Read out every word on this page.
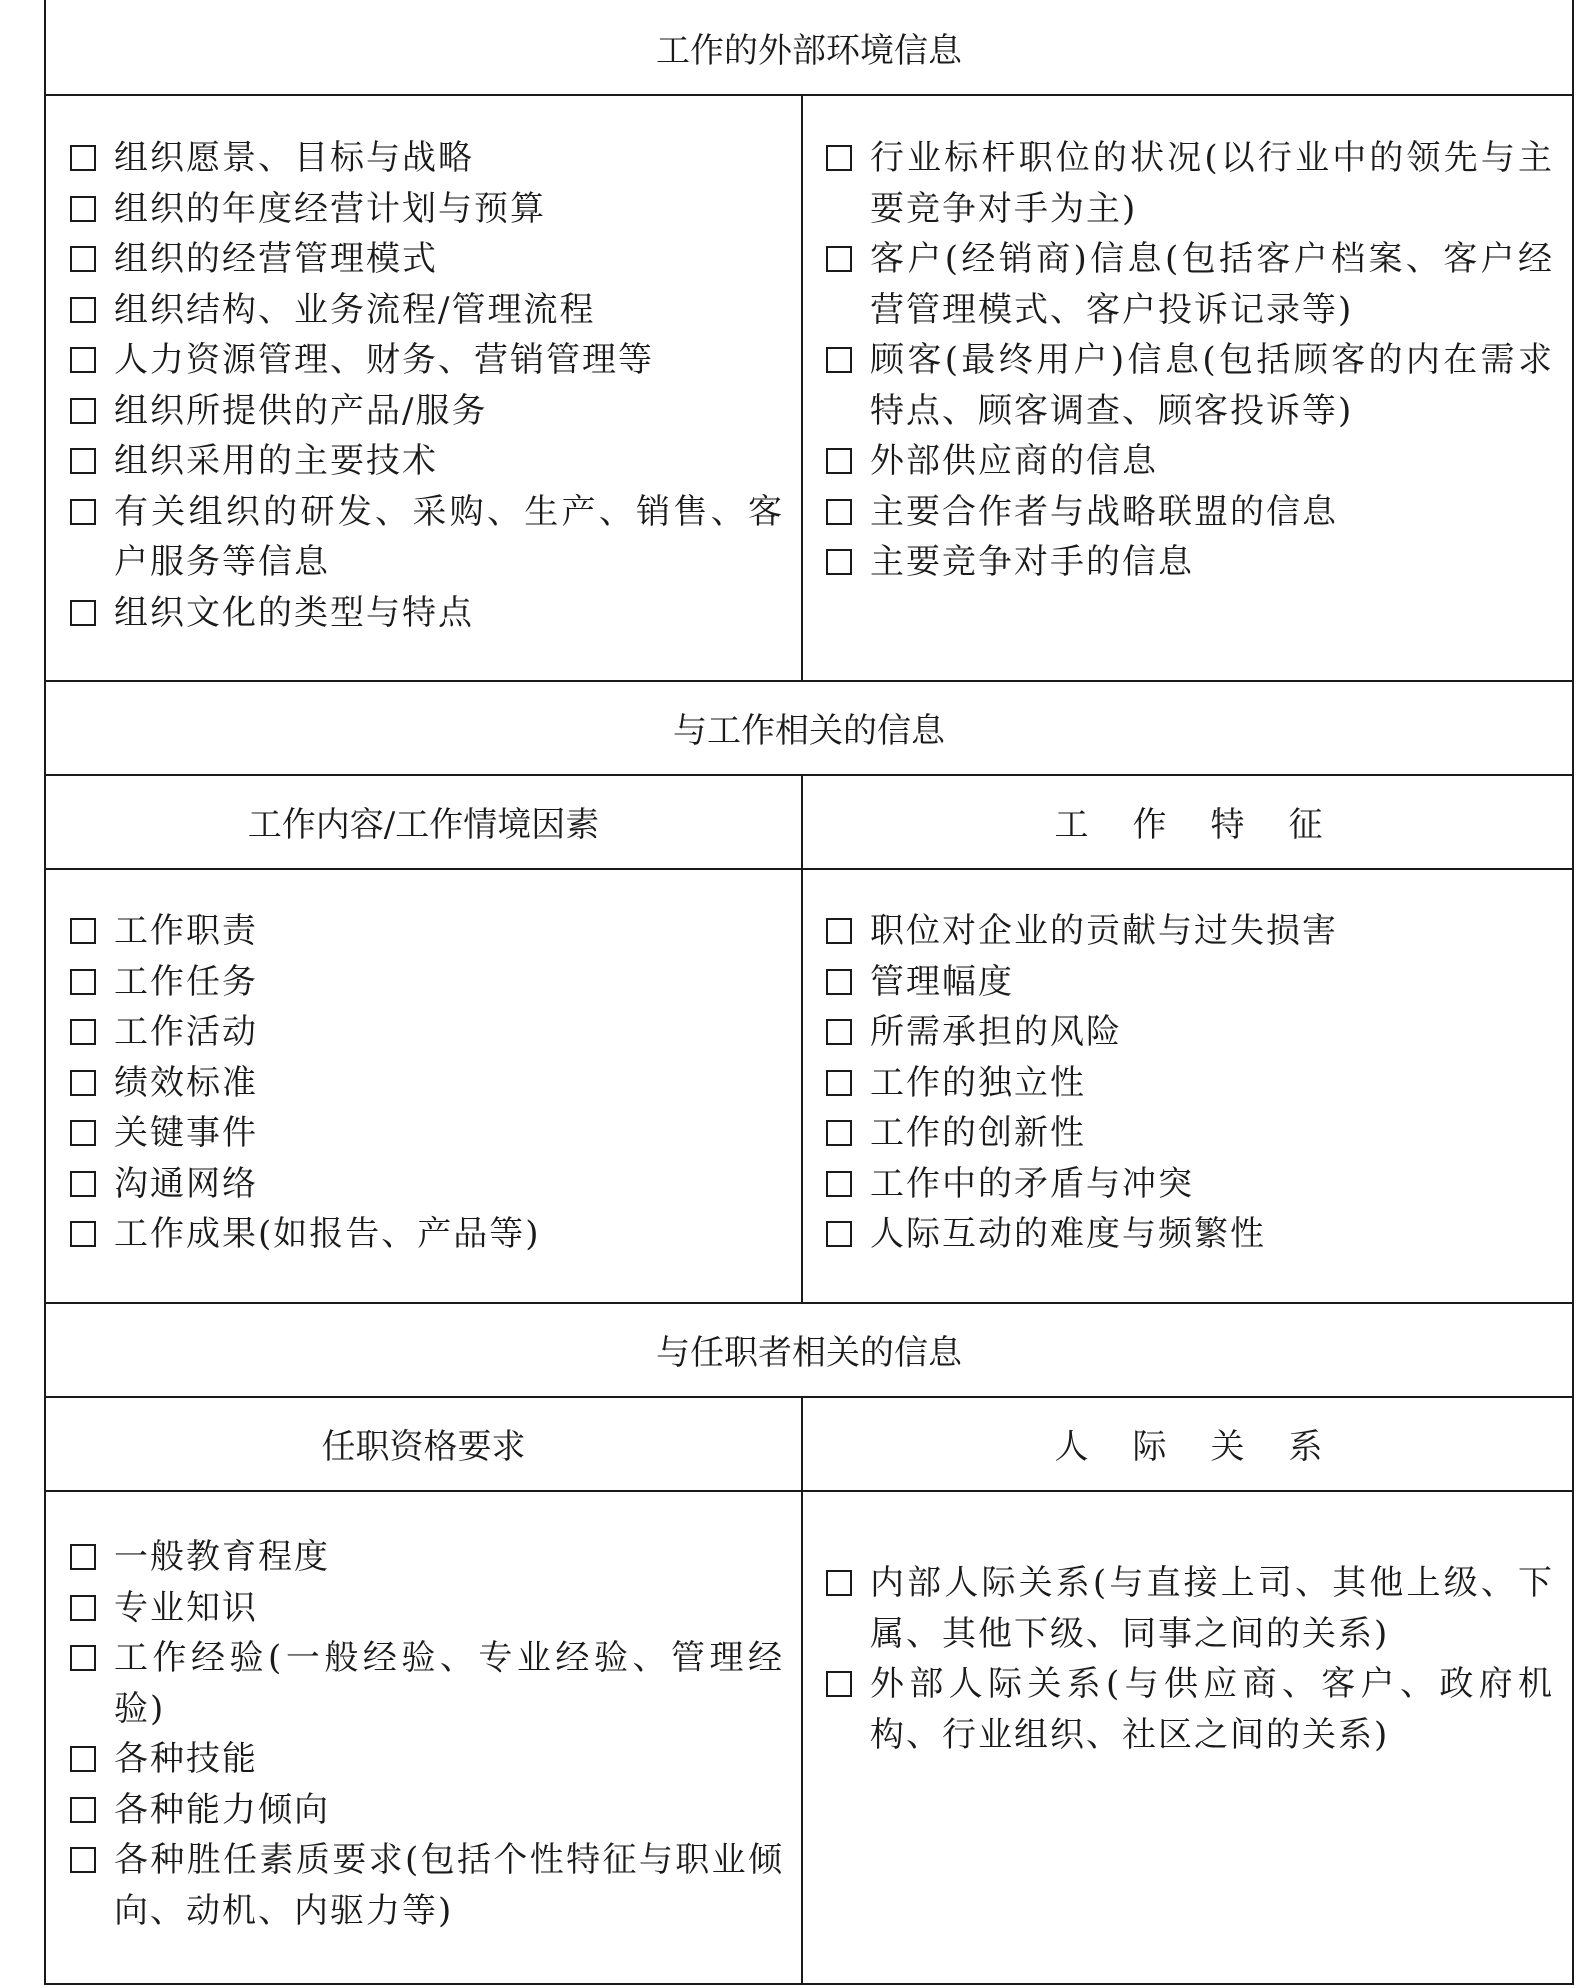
工作的外部环境信息
组织愿景、目标与战略
组织的年度经营计划与预算
组织的经营管理模式
组织结构、业务流程/管理流程
人力资源管理、财务、营销管理等
组织所提供的产品/服务
组织采用的主要技术
有关组织的研发、采购、生产、销售、客户服务等信息
组织文化的类型与特点
行业标杆职位的状况(以行业中的领先与主要竞争对手为主)
客户(经销商)信息(包括客户档案、客户经营管理模式、客户投诉记录等)
顾客(最终用户)信息(包括顾客的内在需求特点、顾客调查、顾客投诉等)
外部供应商的信息
主要合作者与战略联盟的信息
主要竞争对手的信息
与工作相关的信息
工作内容/工作情境因素	工作特征
工作职责
工作任务
工作活动
绩效标准
关键事件
沟通网络
工作成果(如报告、产品等)
职位对企业的贡献与过失损害
管理幅度
所需承担的风险
工作的独立性
工作的创新性
工作中的矛盾与冲突
人际互动的难度与频繁性
与任职者相关的信息
任职资格要求	人际关系
一般教育程度
专业知识
工作经验(一般经验、专业经验、管理经验)
各种技能
各种能力倾向
各种胜任素质要求(包括个性特征与职业倾向、动机、内驱力等)
内部人际关系(与直接上司、其他上级、下属、其他下级、同事之间的关系)
外部人际关系(与供应商、客户、政府机构、行业组织、社区之间的关系)
